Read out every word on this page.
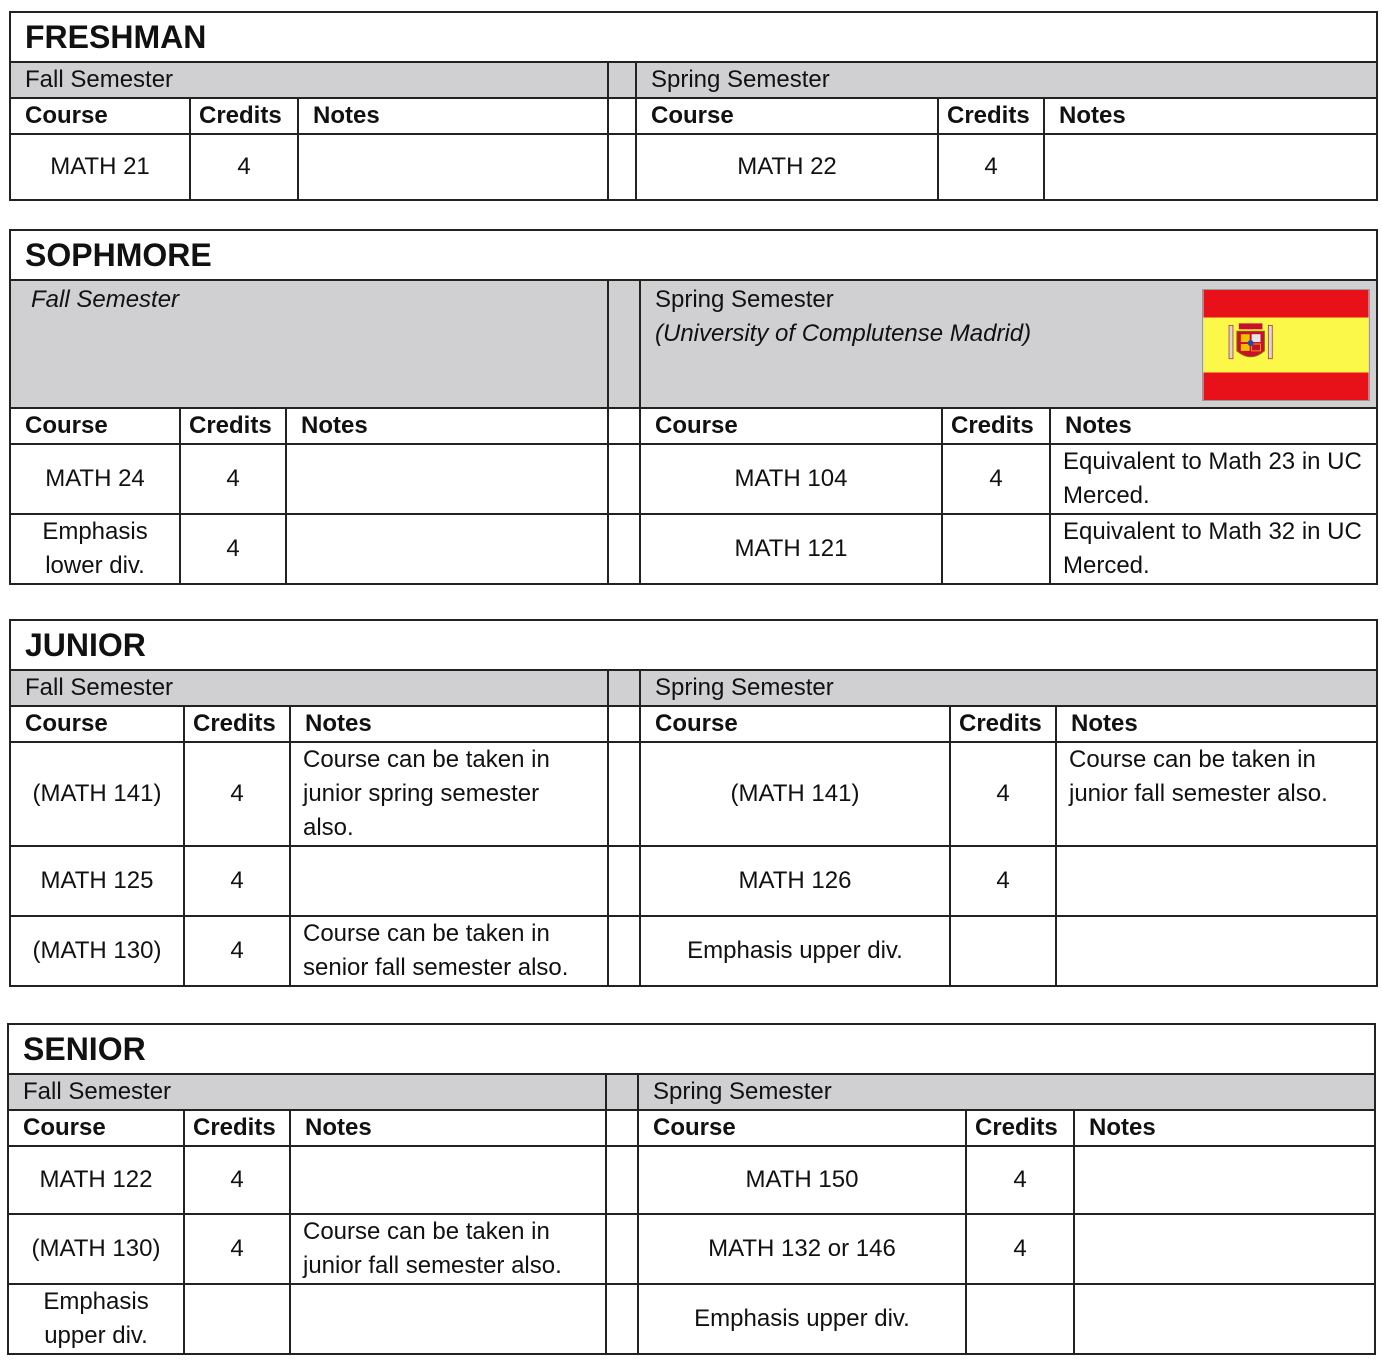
FRESHMAN						
Fall Semester				Spring Semester		
Course	Credits	Notes		Course	Credits	Notes
MATH 21	4			MATH 22	4	
SOPHMORE						
Fall Semester				Spring Semester
(University of Complutense Madrid)		

Course	Credits	Notes		Course	Credits	Notes
MATH 24	4			MATH 104	4	Equivalent to Math 23 in UC Merced.
Emphasis lower div.	4			MATH 121		Equivalent to Math 32 in UC Merced.
JUNIOR						
Fall Semester				Spring Semester		
Course	Credits	Notes		Course	Credits	Notes
(MATH 141)	4	Course can be taken in junior spring semester also.		(MATH 141)	4	Course can be taken in junior fall semester also.
MATH 125	4			MATH 126	4	
(MATH 130)	4	Course can be taken in senior fall semester also.		Emphasis upper div.		
SENIOR						
Fall Semester				Spring Semester		
Course	Credits	Notes		Course	Credits	Notes
MATH 122	4			MATH 150	4	
(MATH 130)	4	Course can be taken in junior fall semester also.		MATH 132 or 146	4	
Emphasis upper div.				Emphasis upper div.		
